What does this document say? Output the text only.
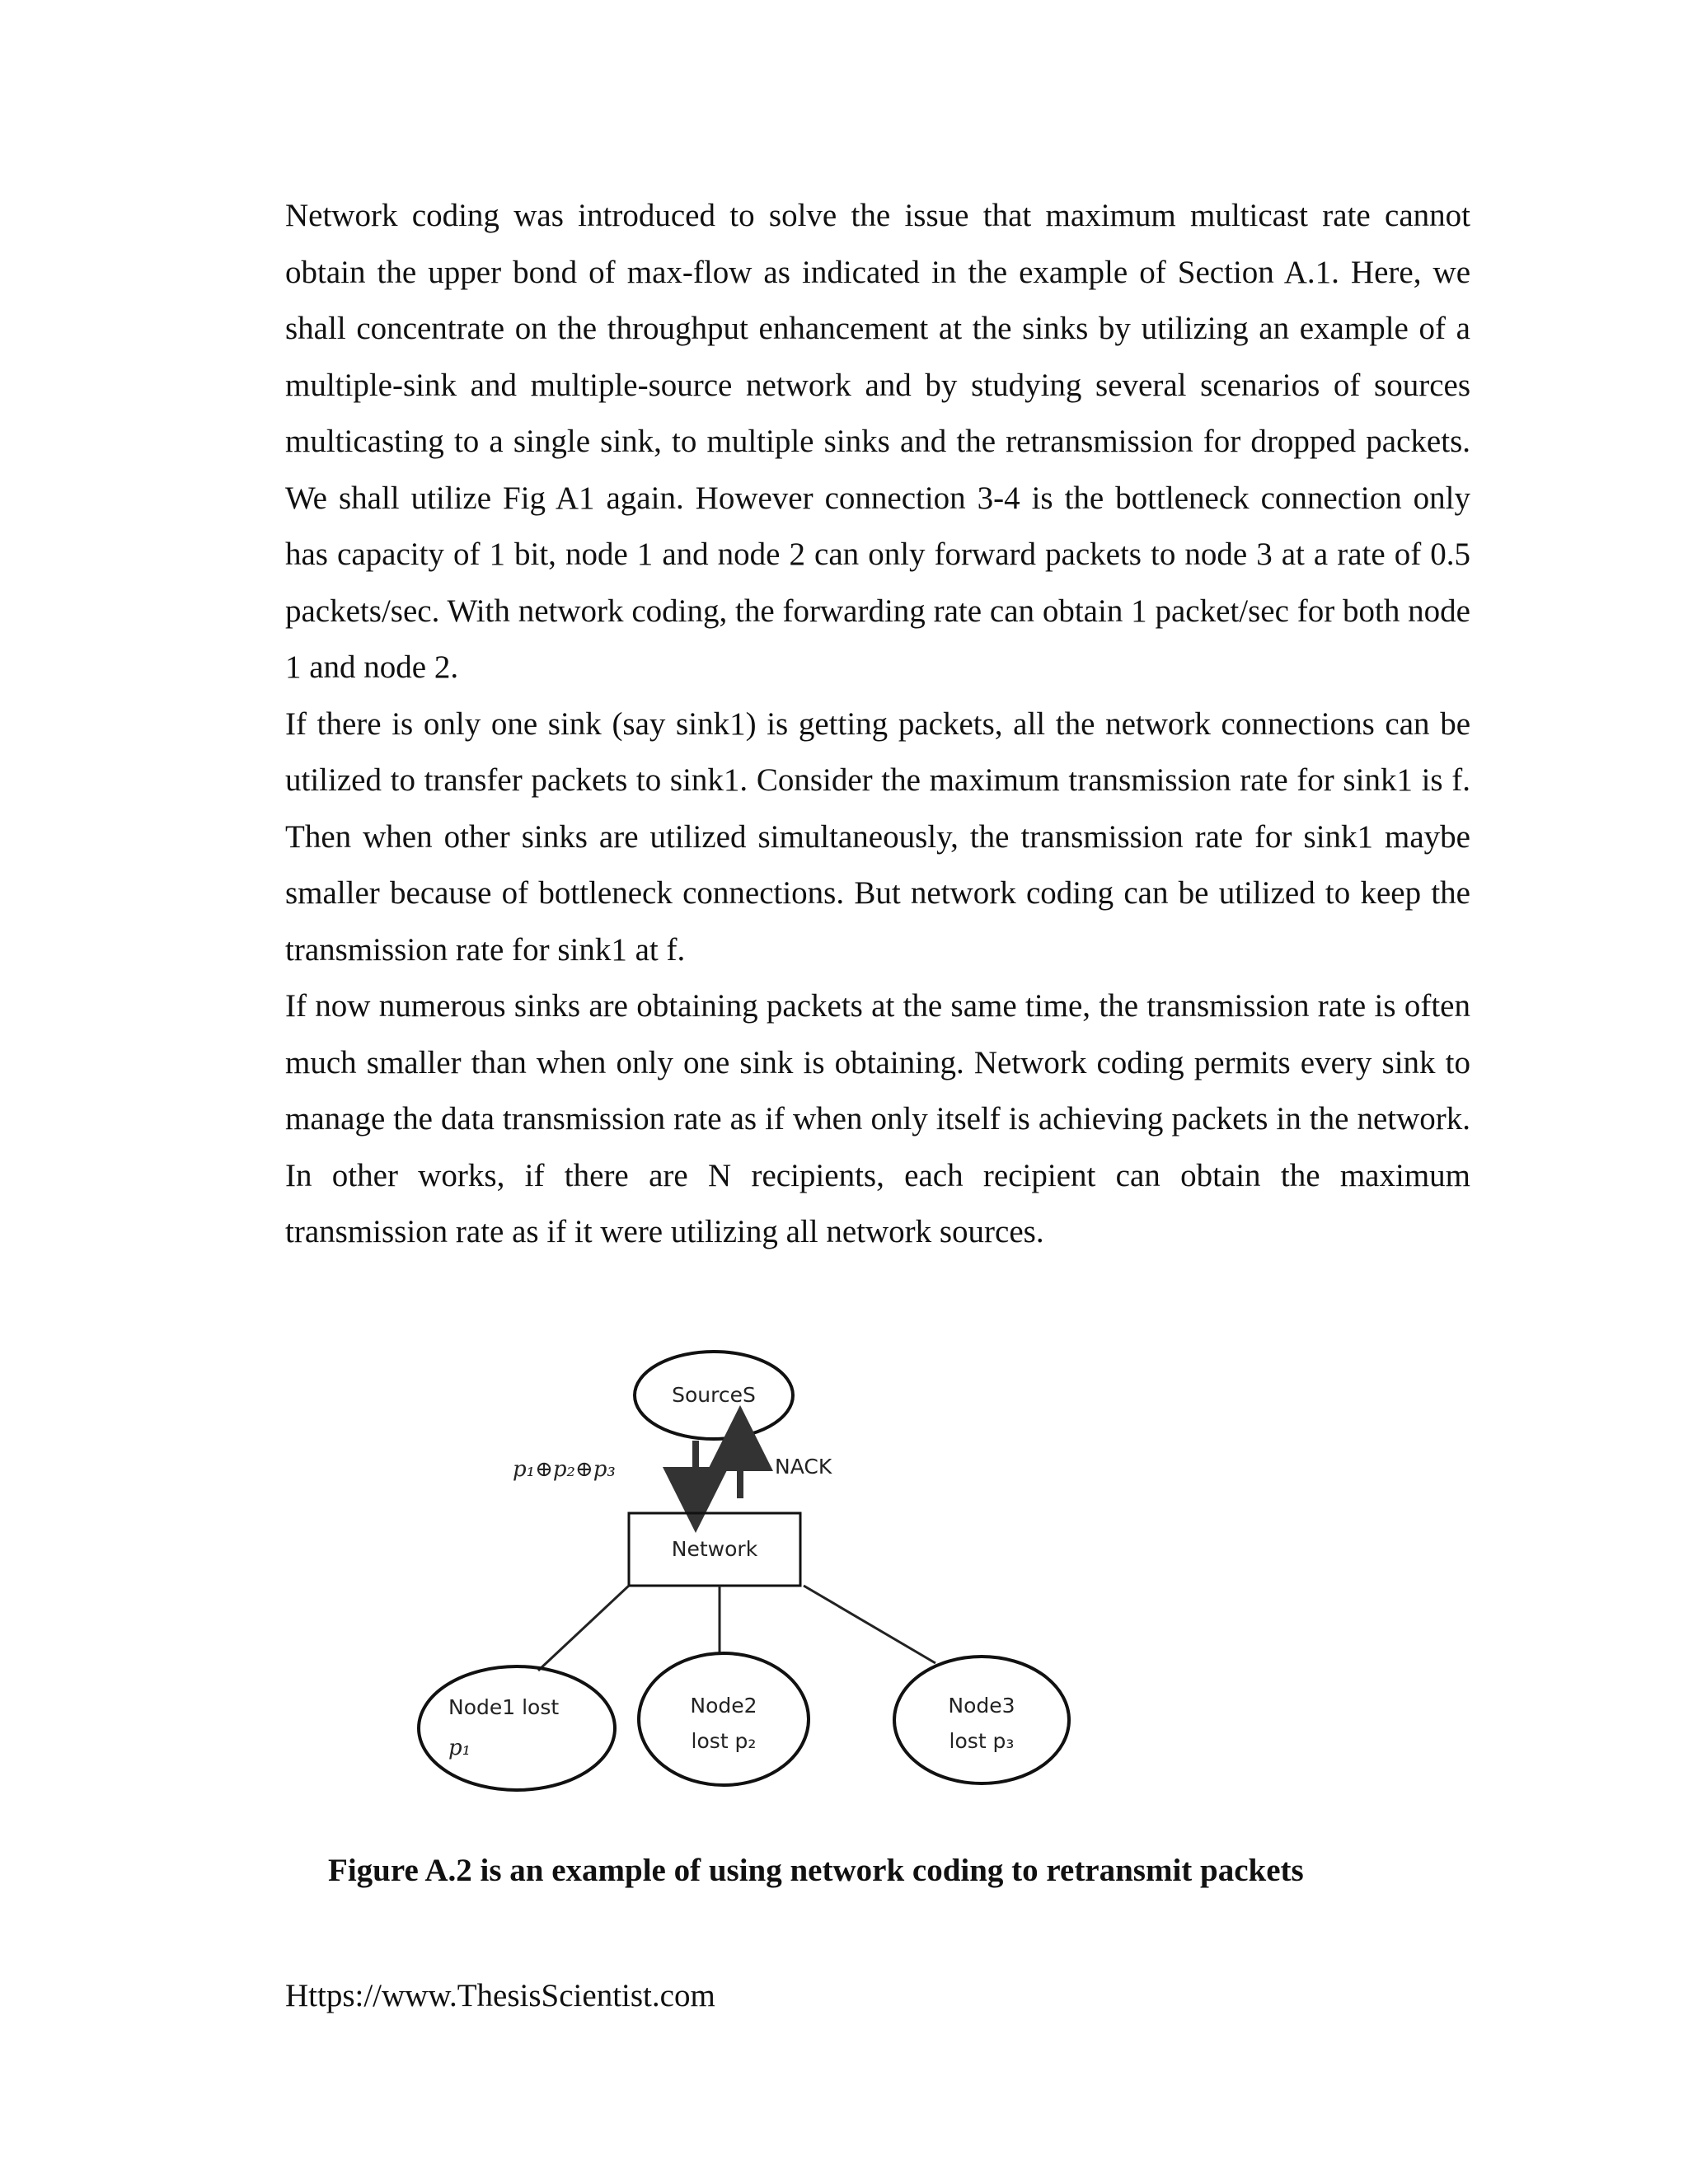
Network coding was introduced to solve the issue that maximum multicast rate cannot obtain the upper bond of max-flow as indicated in the example of Section A.1. Here, we shall concentrate on the throughput enhancement at the sinks by utilizing an example of a multiple-sink and multiple-source network and by studying several scenarios of sources multicasting to a single sink, to multiple sinks and the retransmission for dropped packets. We shall utilize Fig A1 again. However connection 3-4 is the bottleneck connection only has capacity of 1 bit, node 1 and node 2 can only forward packets to node 3 at a rate of 0.5 packets/sec. With network coding, the forwarding rate can obtain 1 packet/sec for both node 1 and node 2.

If there is only one sink (say sink1) is getting packets, all the network connections can be utilized to transfer packets to sink1. Consider the maximum transmission rate for sink1 is f. Then when other sinks are utilized simultaneously, the transmission rate for sink1 maybe smaller because of bottleneck connections. But network coding can be utilized to keep the transmission rate for sink1 at f.

If now numerous sinks are obtaining packets at the same time, the transmission rate is often much smaller than when only one sink is obtaining. Network coding permits every sink to manage the data transmission rate as if when only itself is achieving packets in the network. In other works, if there are N recipients, each recipient can obtain the maximum transmission rate as if it were utilizing all network sources.

SourceS
p₁⊕p₂⊕p₃	NACK
Network
Node1 lost
p₁
Node2
lost p₂
Node3
lost p₃
Figure A.2 is an example of using network coding to retransmit packets
Https://www.ThesisScientist.com
